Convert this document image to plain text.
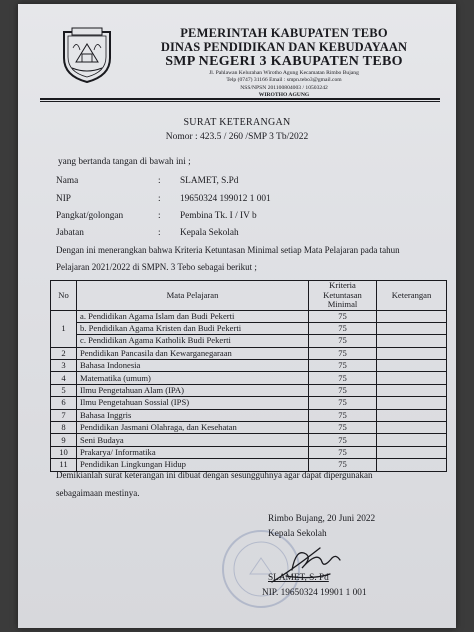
PEMERINTAH KABUPATEN TEBO
DINAS PENDIDIKAN DAN KEBUDAYAAN
SMP NEGERI 3 KABUPATEN TEBO
Jl. Pahlawan Kelurahan Wirotho Agung Kecamatan Rimbo Bujang
Telp (0747) 31166 Email : smpn.tebo3@gmail.com
NSS/NPSN 201100804003 / 10503242
WIROTHO AGUNG
SURAT KETERANGAN
Nomor : 423.5 / 260 /SMP 3 Tb/2022
yang bertanda tangan di bawah ini ;
Nama	: SLAMET, S.Pd
NIP	: 19650324 199012 1 001
Pangkat/golongan	: Pembina Tk. I / IV b
Jabatan	: Kepala Sekolah
Dengan ini menerangkan bahwa Kriteria Ketuntasan Minimal setiap Mata Pelajaran pada tahun
Pelajaran 2021/2022 di SMPN. 3 Tebo sebagai berikut ;
No	Mata Pelajaran	Kriteria Ketuntasan Minimal	Keterangan
1	a. Pendidikan Agama Islam dan Budi Pekerti	75	
	b. Pendidikan Agama Kristen dan Budi Pekerti	75	
	c. Pendidikan Agama Katholik Budi Pekerti	75	
2	Pendidikan Pancasila dan Kewarganegaraan	75	
3	Bahasa Indonesia	75	
4	Matematika (umum)	75	
5	Ilmu Pengetahuan Alam (IPA)	75	
6	Ilmu Pengetahuan Sossial (IPS)	75	
7	Bahasa Inggris	75	
8	Pendidikan Jasmani Olahraga, dan Kesehatan	75	
9	Seni Budaya	75	
10	Prakarya/ Informatika	75	
11	Pendidikan Lingkungan Hidup	75	
Demikianlah surat keterangan ini dibuat dengan sesungguhnya agar dapat dipergunakan
sebagaimaan mestinya.
Rimbo Bujang, 20 Juni 2022
Kepala Sekolah
SLAMET, S. Pd
NIP. 19650324 19901 1 001
